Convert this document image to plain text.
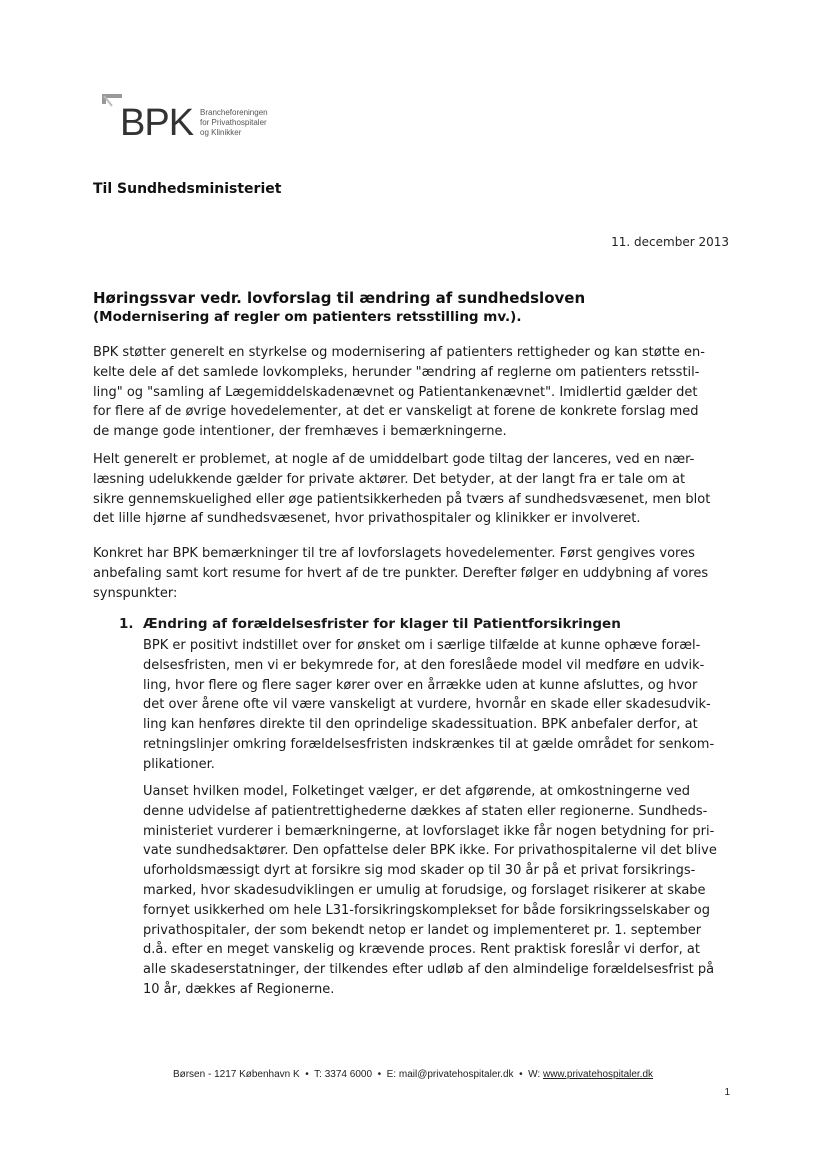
BPK Brancheforeningen
for Privathospitaler
og Klinikker
Til Sundhedsministeriet
11. december 2013
Høringssvar vedr. lovforslag til ændring af sundhedsloven
(Modernisering af regler om patienters retsstilling mv.).
BPK støtter generelt en styrkelse og modernisering af patienters rettigheder og kan støtte en-
kelte dele af det samlede lovkompleks, herunder "ændring af reglerne om patienters retsstil-
ling" og "samling af Lægemiddelskadenævnet og Patientankenævnet". Imidlertid gælder det
for flere af de øvrige hovedelementer, at det er vanskeligt at forene de konkrete forslag med
de mange gode intentioner, der fremhæves i bemærkningerne.
Helt generelt er problemet, at nogle af de umiddelbart gode tiltag der lanceres, ved en nær-
læsning udelukkende gælder for private aktører. Det betyder, at der langt fra er tale om at
sikre gennemskuelighed eller øge patientsikkerheden på tværs af sundhedsvæsenet, men blot
det lille hjørne af sundhedsvæsenet, hvor privathospitaler og klinikker er involveret.
Konkret har BPK bemærkninger til tre af lovforslagets hovedelementer. Først gengives vores
anbefaling samt kort resume for hvert af de tre punkter. Derefter følger en uddybning af vores
synspunkter:
1. Ændring af forældelsesfrister for klager til Patientforsikringen
BPK er positivt indstillet over for ønsket om i særlige tilfælde at kunne ophæve foræl-
delsesfristen, men vi er bekymrede for, at den foreslåede model vil medføre en udvik-
ling, hvor flere og flere sager kører over en årrække uden at kunne afsluttes, og hvor
det over årene ofte vil være vanskeligt at vurdere, hvornår en skade eller skadesudvik-
ling kan henføres direkte til den oprindelige skadessituation. BPK anbefaler derfor, at
retningslinjer omkring forældelsesfristen indskrænkes til at gælde området for senkom-
plikationer.
Uanset hvilken model, Folketinget vælger, er det afgørende, at omkostningerne ved
denne udvidelse af patientrettighederne dækkes af staten eller regionerne. Sundheds-
ministeriet vurderer i bemærkningerne, at lovforslaget ikke får nogen betydning for pri-
vate sundhedsaktører. Den opfattelse deler BPK ikke. For privathospitalerne vil det blive
uforholdsmæssigt dyrt at forsikre sig mod skader op til 30 år på et privat forsikrings-
marked, hvor skadesudviklingen er umulig at forudsige, og forslaget risikerer at skabe
fornyet usikkerhed om hele L31-forsikringskomplekset for både forsikringsselskaber og
privathospitaler, der som bekendt netop er landet og implementeret pr. 1. september
d.å. efter en meget vanskelig og krævende proces. Rent praktisk foreslår vi derfor, at
alle skadeserstatninger, der tilkendes efter udløb af den almindelige forældelsesfrist på
10 år, dækkes af Regionerne.
Børsen - 1217 København K • T: 3374 6000 • E: mail@privatehospitaler.dk • W: www.privatehospitaler.dk
1
